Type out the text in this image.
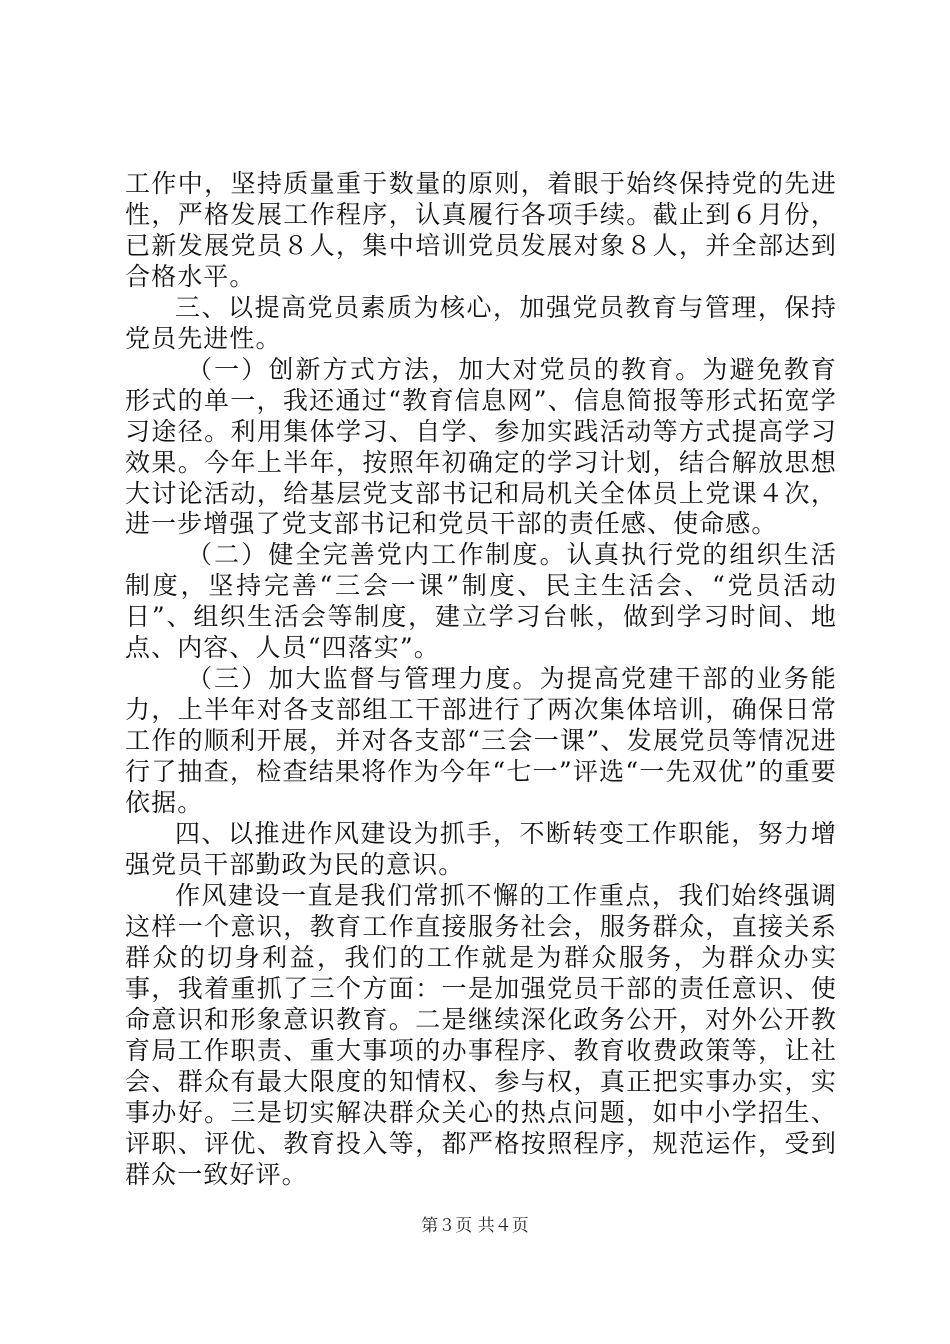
工作中，坚持质量重于数量的原则，着眼于始终保持党的先进性，严格发展工作程序，认真履行各项手续。截止到６月份，已新发展党员８人，集中培训党员发展对象８人，并全部达到合格水平。

三、以提高党员素质为核心，加强党员教育与管理，保持党员先进性。

（一）创新方式方法，加大对党员的教育。为避免教育形式的单一，我还通过“教育信息网”、信息简报等形式拓宽学习途径。利用集体学习、自学、参加实践活动等方式提高学习效果。今年上半年，按照年初确定的学习计划，结合解放思想大讨论活动，给基层党支部书记和局机关全体员上党课４次，进一步增强了党支部书记和党员干部的责任感、使命感。

（二）健全完善党内工作制度。认真执行党的组织生活制度，坚持完善“三会一课”制度、民主生活会、“党员活动日”、组织生活会等制度，建立学习台帐，做到学习时间、地点、内容、人员“四落实”。

（三）加大监督与管理力度。为提高党建干部的业务能力，上半年对各支部组工干部进行了两次集体培训，确保日常工作的顺利开展，并对各支部“三会一课”、发展党员等情况进行了抽查，检查结果将作为今年“七一”评选“一先双优”的重要依据。

四、以推进作风建设为抓手，不断转变工作职能，努力增强党员干部勤政为民的意识。

作风建设一直是我们常抓不懈的工作重点，我们始终强调这样一个意识，教育工作直接服务社会，服务群众，直接关系群众的切身利益，我们的工作就是为群众服务，为群众办实事，我着重抓了三个方面：一是加强党员干部的责任意识、使命意识和形象意识教育。二是继续深化政务公开，对外公开教育局工作职责、重大事项的办事程序、教育收费政策等，让社会、群众有最大限度的知情权、参与权，真正把实事办实，实事办好。三是切实解决群众关心的热点问题，如中小学招生、评职、评优、教育投入等，都严格按照程序，规范运作，受到群众一致好评。

第３页 共４页
